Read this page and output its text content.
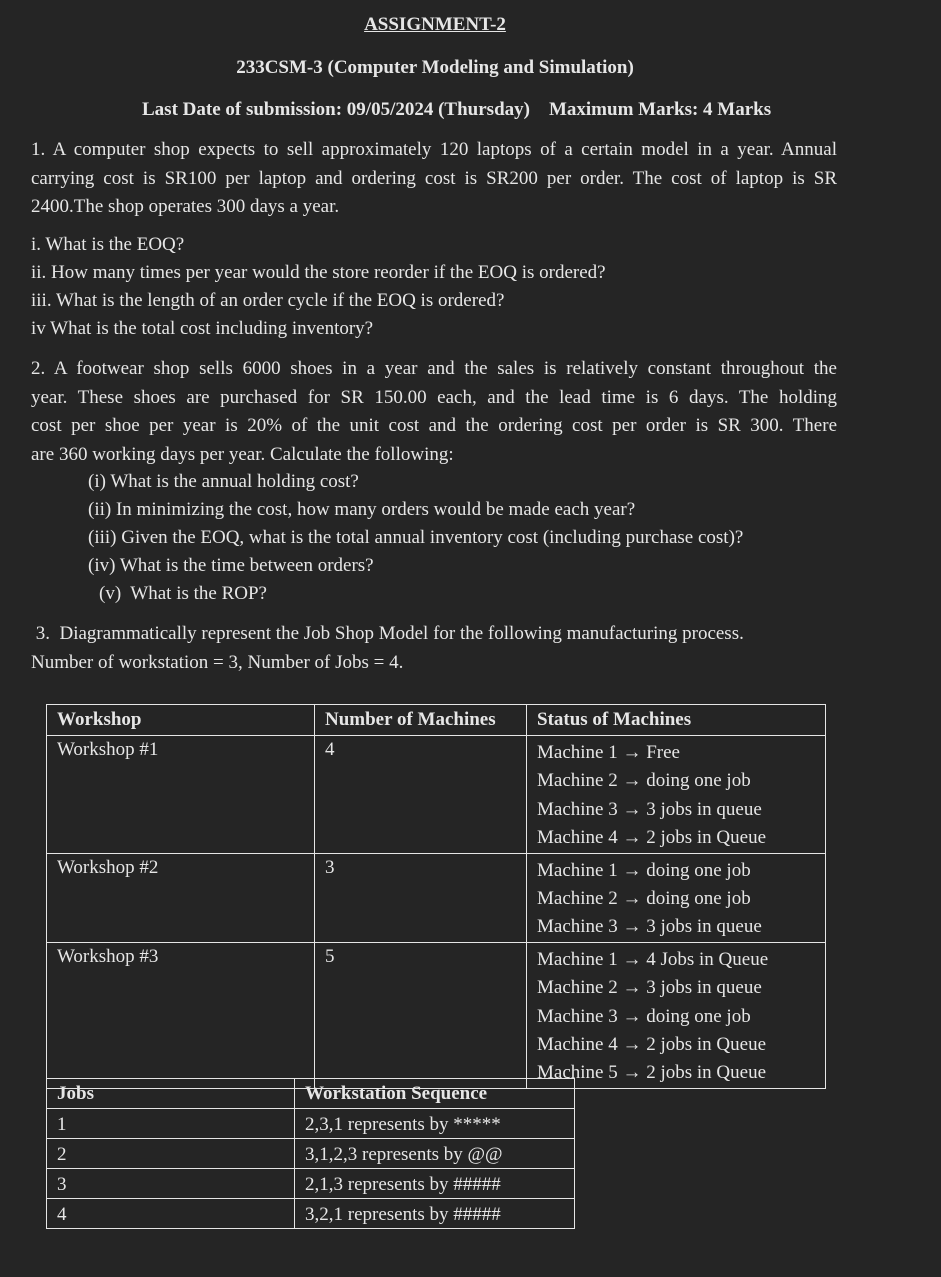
ASSIGNMENT-2
233CSM-3 (Computer Modeling and Simulation)
Last Date of submission: 09/05/2024 (Thursday) Maximum Marks: 4 Marks
1. A computer shop expects to sell approximately 120 laptops of a certain model in a year. Annual
carrying cost is SR100 per laptop and ordering cost is SR200 per order. The cost of laptop is SR
2400.The shop operates 300 days a year.
i. What is the EOQ?
ii. How many times per year would the store reorder if the EOQ is ordered?
iii. What is the length of an order cycle if the EOQ is ordered?
iv What is the total cost including inventory?
2. A footwear shop sells 6000 shoes in a year and the sales is relatively constant throughout the
year. These shoes are purchased for SR 150.00 each, and the lead time is 6 days. The holding
cost per shoe per year is 20% of the unit cost and the ordering cost per order is SR 300. There
are 360 working days per year. Calculate the following:
(i) What is the annual holding cost?
(ii) In minimizing the cost, how many orders would be made each year?
(iii) Given the EOQ, what is the total annual inventory cost (including purchase cost)?
(iv) What is the time between orders?
(v)  What is the ROP?
3.  Diagrammatically represent the Job Shop Model for the following manufacturing process.
Number of workstation = 3, Number of Jobs = 4.
Workshop	Number of Machines	Status of Machines
Workshop #1	4	Machine 1 → Free
Machine 2 → doing one job
Machine 3 → 3 jobs in queue
Machine 4 → 2 jobs in Queue

Workshop #2	3	Machine 1 → doing one job
Machine 2 → doing one job
Machine 3 → 3 jobs in queue

Workshop #3	5	Machine 1 → 4 Jobs in Queue
Machine 2 → 3 jobs in queue
Machine 3 → doing one job
Machine 4 → 2 jobs in Queue
Machine 5 → 2 jobs in Queue
Jobs	Workstation Sequence
1	2,3,1 represents by *****
2	3,1,2,3 represents by @@
3	2,1,3 represents by #####
4	3,2,1 represents by #####
